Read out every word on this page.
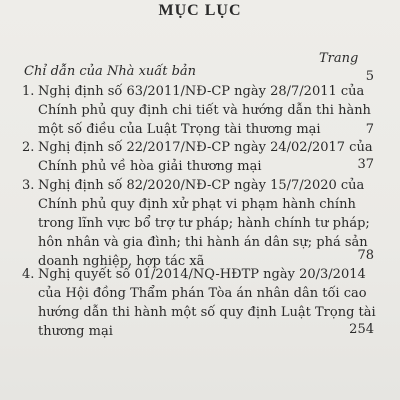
MỤC LỤC
Trang
Chỉ dẫn của Nhà xuất bản	5
1. Nghị định số 63/2011/NĐ-CP ngày 28/7/2011 của
Chính phủ quy định chi tiết và hướng dẫn thi hành
một số điều của Luật Trọng tài thương mại	7
2. Nghị định số 22/2017/NĐ-CP ngày 24/02/2017 của
Chính phủ về hòa giải thương mại	37
3. Nghị định số 82/2020/NĐ-CP ngày 15/7/2020 của
Chính phủ quy định xử phạt vi phạm hành chính
trong lĩnh vực bổ trợ tư pháp; hành chính tư pháp;
hôn nhân và gia đình; thi hành án dân sự; phá sản
doanh nghiệp, hợp tác xã	78
4. Nghị quyết số 01/2014/NQ-HĐTP ngày 20/3/2014
của Hội đồng Thẩm phán Tòa án nhân dân tối cao
hướng dẫn thi hành một số quy định Luật Trọng tài
thương mại	254
